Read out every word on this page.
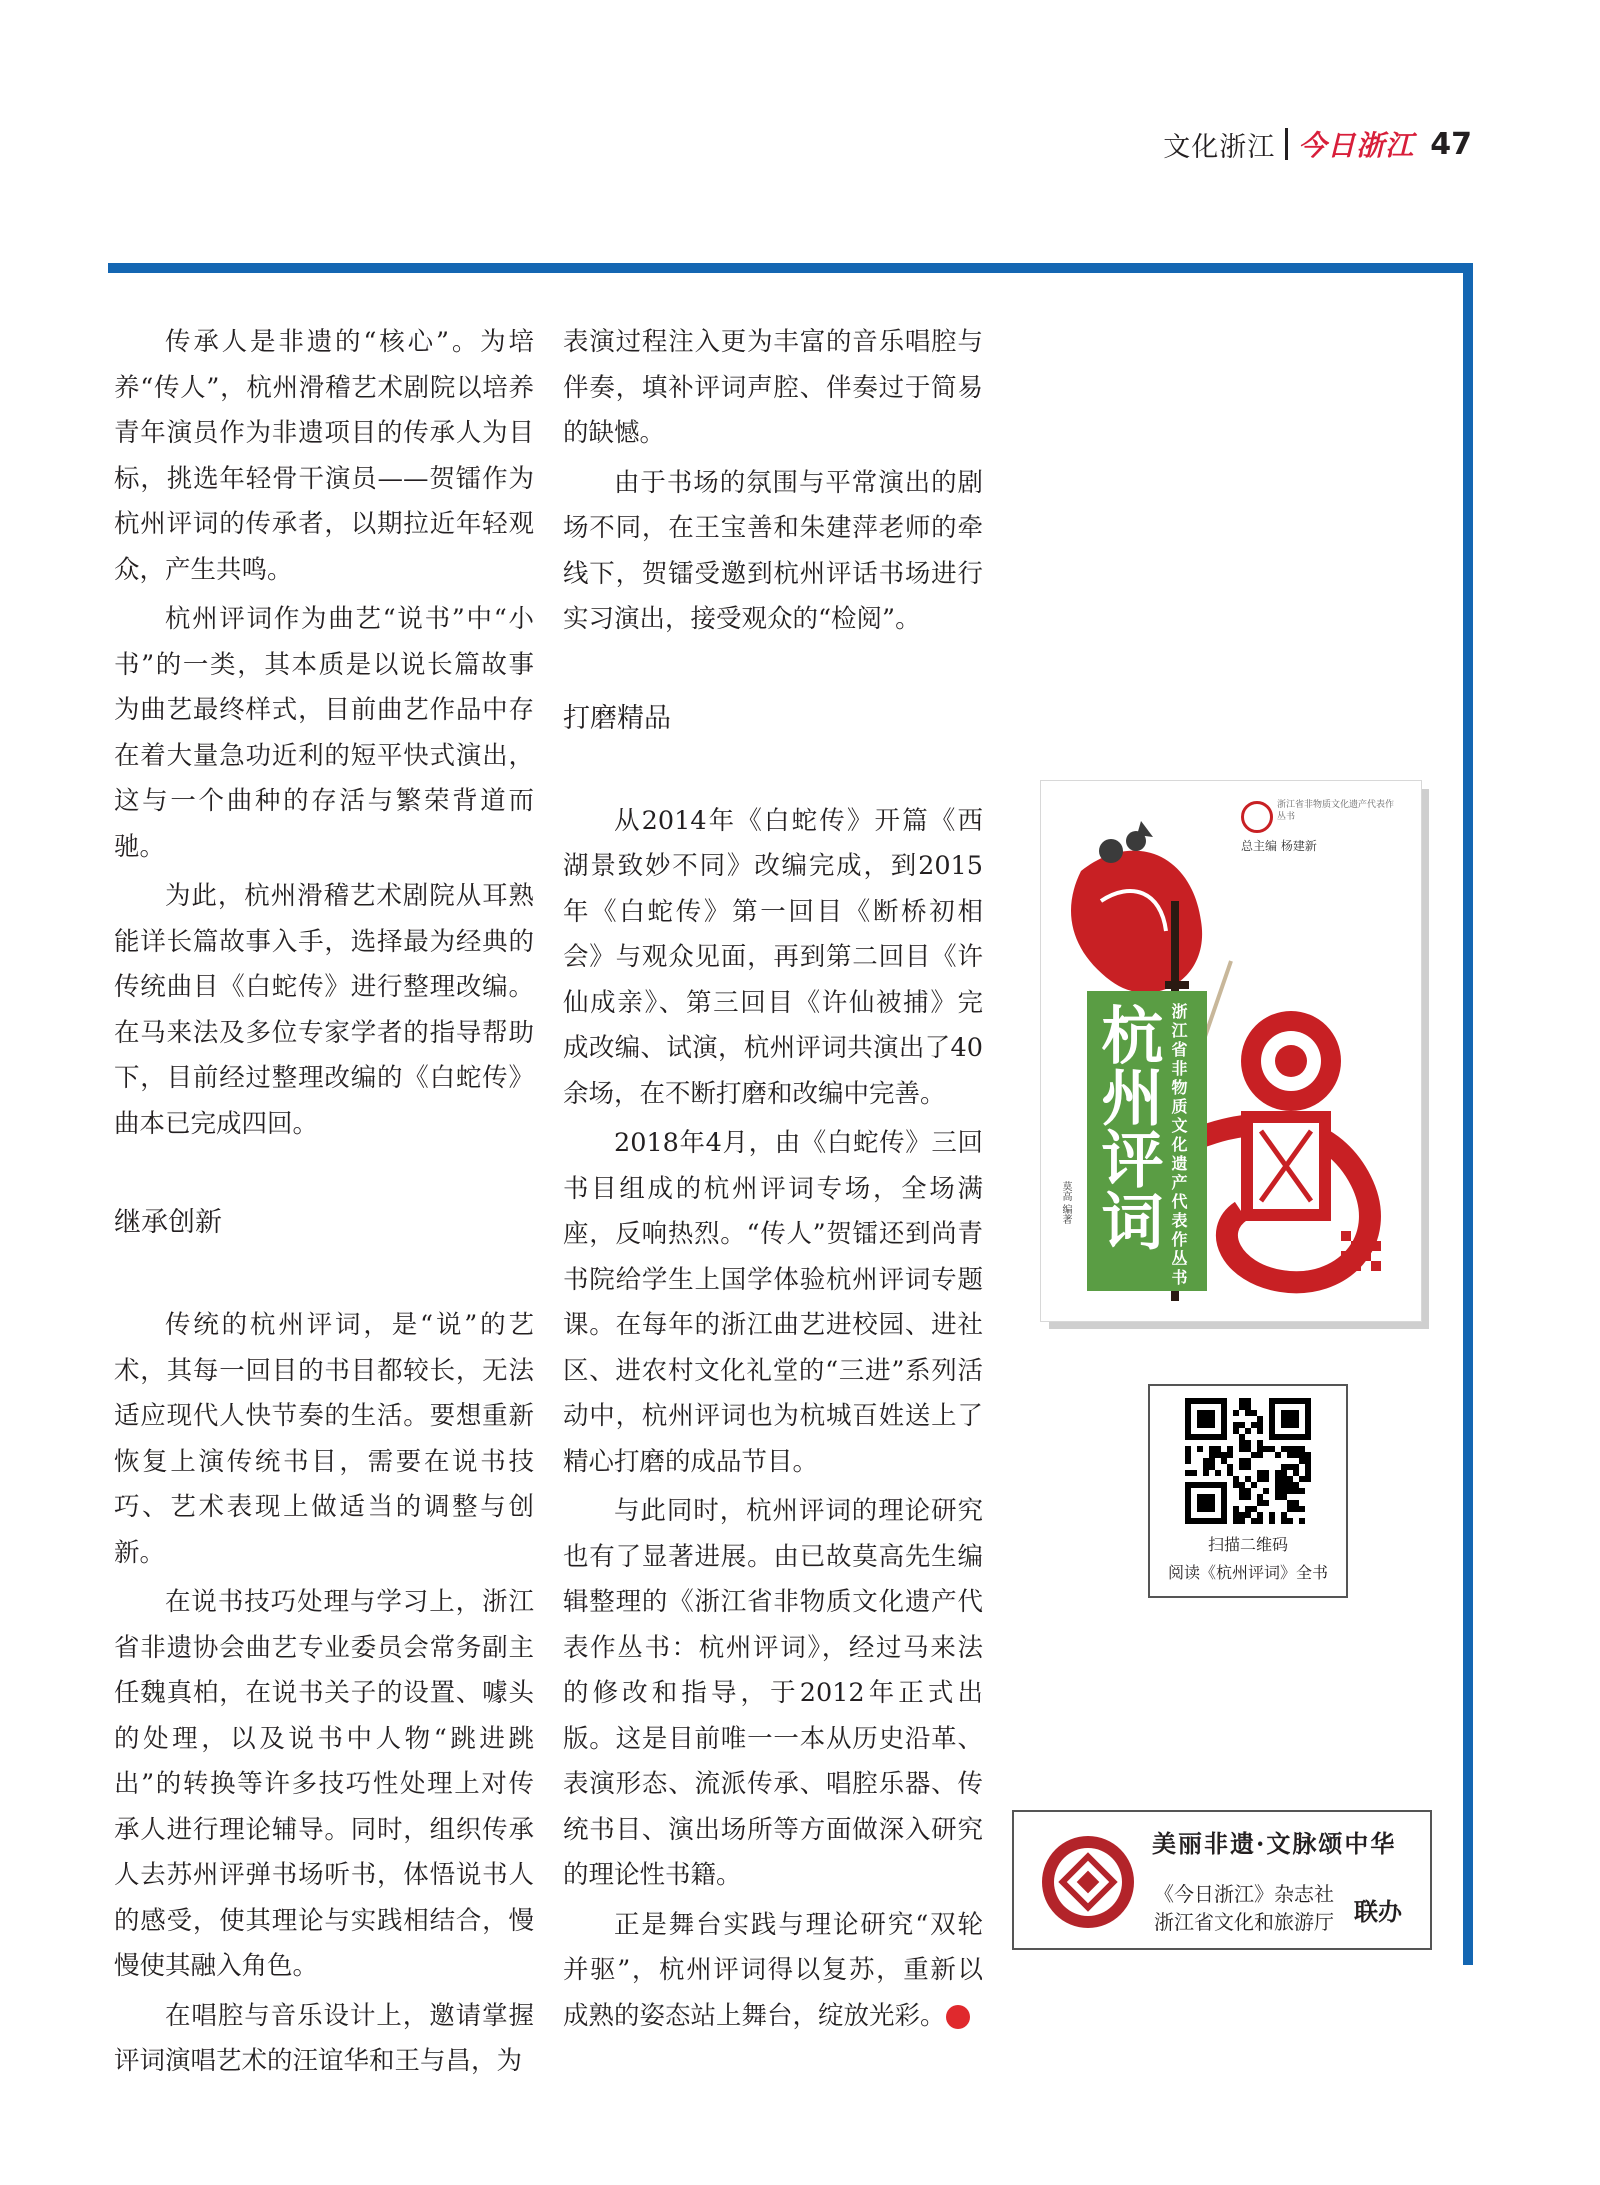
文化浙江 今日浙江 47

传承人是非遗的“核心”。为培养“传人”，杭州滑稽艺术剧院以培养青年演员作为非遗项目的传承人为目标，挑选年轻骨干演员——贺镭作为杭州评词的传承者，以期拉近年轻观众，产生共鸣。

杭州评词作为曲艺“说书”中“小书”的一类，其本质是以说长篇故事为曲艺最终样式，目前曲艺作品中存在着大量急功近利的短平快式演出，这与一个曲种的存活与繁荣背道而驰。

为此，杭州滑稽艺术剧院从耳熟能详长篇故事入手，选择最为经典的传统曲目《白蛇传》进行整理改编。在马来法及多位专家学者的指导帮助下，目前经过整理改编的《白蛇传》曲本已完成四回。

继承创新

传统的杭州评词，是“说”的艺术，其每一回目的书目都较长，无法适应现代人快节奏的生活。要想重新恢复上演传统书目，需要在说书技巧、艺术表现上做适当的调整与创新。

在说书技巧处理与学习上，浙江省非遗协会曲艺专业委员会常务副主任魏真柏，在说书关子的设置、噱头的处理，以及说书中人物“跳进跳出”的转换等许多技巧性处理上对传承人进行理论辅导。同时，组织传承人去苏州评弹书场听书，体悟说书人的感受，使其理论与实践相结合，慢慢使其融入角色。

在唱腔与音乐设计上，邀请掌握评词演唱艺术的汪谊华和王与昌，为

表演过程注入更为丰富的音乐唱腔与伴奏，填补评词声腔、伴奏过于简易的缺憾。

由于书场的氛围与平常演出的剧场不同，在王宝善和朱建萍老师的牵线下，贺镭受邀到杭州评话书场进行实习演出，接受观众的“检阅”。

打磨精品

从2014年《白蛇传》开篇《西湖景致妙不同》改编完成，到2015年《白蛇传》第一回目《断桥初相会》与观众见面，再到第二回目《许仙成亲》、第三回目《许仙被捕》完成改编、试演，杭州评词共演出了40余场，在不断打磨和改编中完善。

2018年4月，由《白蛇传》三回书目组成的杭州评词专场，全场满座，反响热烈。“传人”贺镭还到尚青书院给学生上国学体验杭州评词专题课。在每年的浙江曲艺进校园、进社区、进农村文化礼堂的“三进”系列活动中，杭州评词也为杭城百姓送上了精心打磨的成品节目。

与此同时，杭州评词的理论研究也有了显著进展。由已故莫高先生编辑整理的《浙江省非物质文化遗产代表作丛书：杭州评词》，经过马来法的修改和指导，于2012年正式出版。这是目前唯一一本从历史沿革、表演形态、流派传承、唱腔乐器、传统书目、演出场所等方面做深入研究的理论性书籍。

正是舞台实践与理论研究“双轮并驱”，杭州评词得以复苏，重新以成熟的姿态站上舞台，绽放光彩。	今

杭州评词 浙江省非物质文化遗产代表作丛书
浙江省非物质文化遗产代表作丛书
总主编 杨建新
莫高 编著
扫描二维码
阅读《杭州评词》全书
美丽非遗·文脉颂中华
《今日浙江》杂志社
浙江省文化和旅游厅 联办
